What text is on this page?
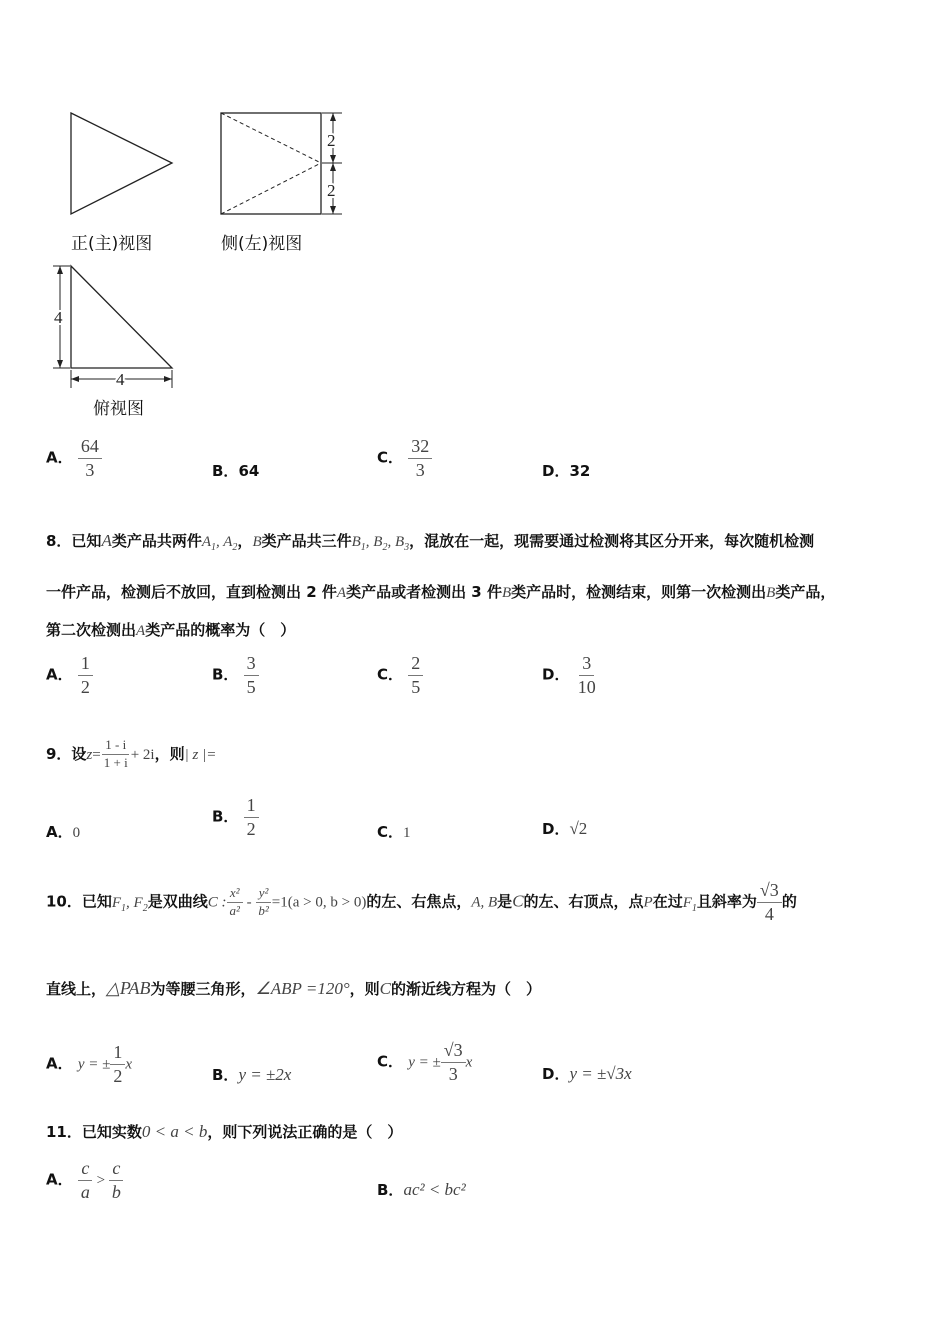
2
2
4
4
正(主)视图	侧(左)视图
俯视图
A． $\frac{64}{3}$	B．64
C． $\frac{32}{3}$	D．32
8．已知A类产品共两件$A_1$, $A_2$，B类产品共三件$B_1$, $B_2$, $B_3$，混放在一起，现需要通过检测将其区分开来，每次随机检测
一件产品，检测后不放回，直到检测出 2 件A类产品或者检测出 3 件B类产品时，检测结束，则第一次检测出B类产品，
第二次检测出A类产品的概率为（　）
A． $\frac{1}{2}$	B． $\frac{3}{5}$	C． $\frac{2}{5}$	D． $\frac{3}{10}$
9．设$z= \frac{1 - i}{1 + i} + 2i$，则| z |=
A．0
B． $\frac{1}{2}$	C．1	D．√2
10．已知$F_1$, $F_2$是双曲线C : $\frac{\text{x²}}{\text{a²}} - \frac{\text{y²}}{\text{b²}} =1(a > 0$, b > 0)的左、右焦点，A, B是C的左、右顶点，点P在过$F_1$且斜率为 $\frac{√3}{4}$ 的
直线上，△PAB为等腰三角形，∠ABP =120°，则C的渐近线方程为（　）
A． y = ± $\frac{1}{2}$ x
B．y = ±2x
C． y = ± $\frac{√3}{3}$ x
D．y = ±√3x
11．已知实数0 < a < b，则下列说法正确的是（　）
A． $\frac{c}{a} > \frac{c}{b}$	B．ac² < bc²
